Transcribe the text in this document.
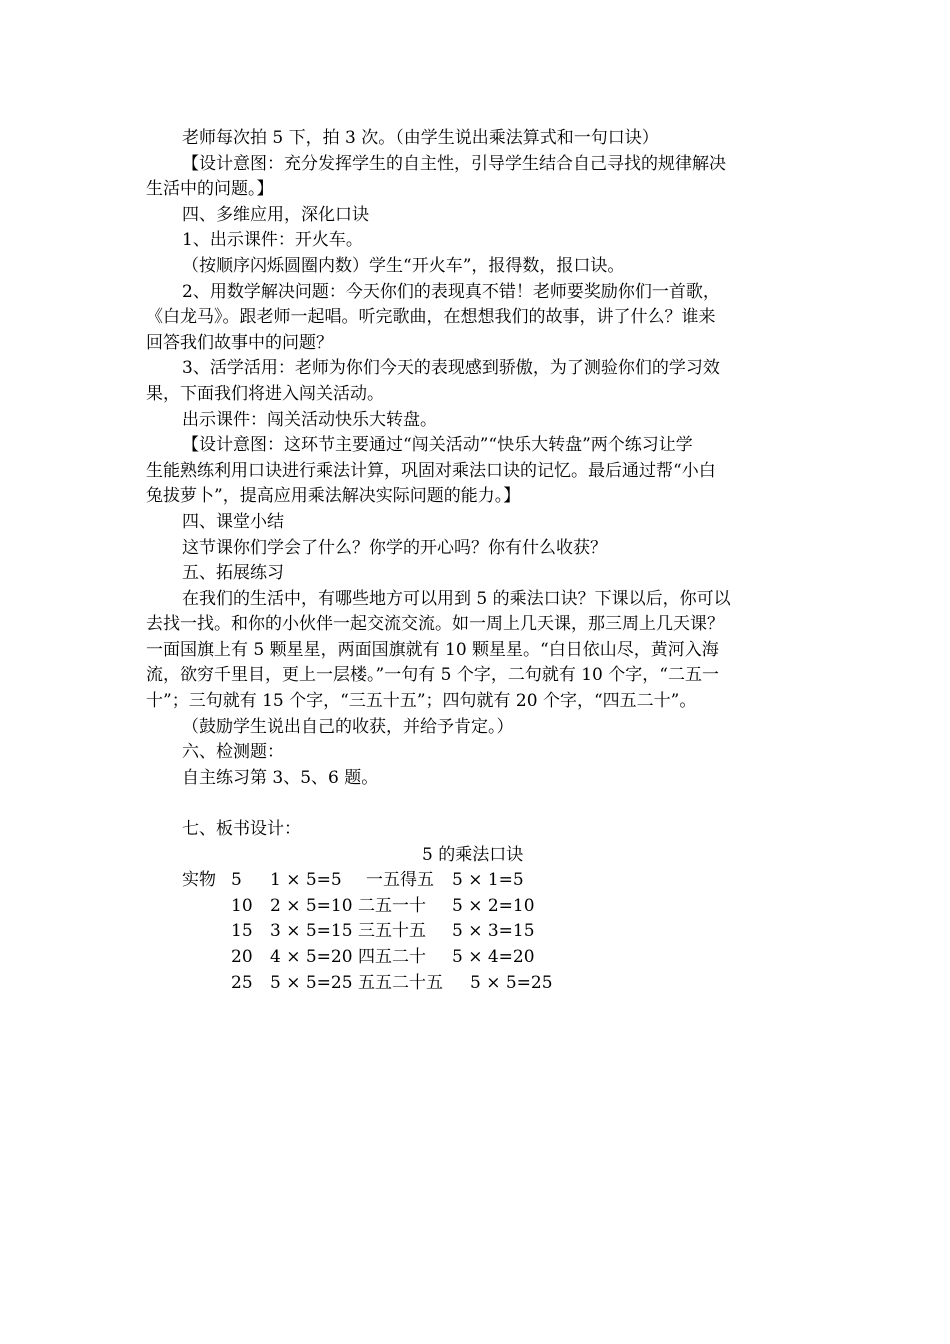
老师每次拍 5 下，拍 3 次。（由学生说出乘法算式和一句口诀）
【设计意图：充分发挥学生的自主性，引导学生结合自己寻找的规律解决
生活中的问题。】
四、多维应用，深化口诀
1、出示课件：开火车。
（按顺序闪烁圆圈内数）学生“开火车”，报得数，报口诀。
2、用数学解决问题：今天你们的表现真不错！老师要奖励你们一首歌，
《白龙马》。跟老师一起唱。听完歌曲，在想想我们的故事，讲了什么？谁来
回答我们故事中的问题？
3、活学活用：老师为你们今天的表现感到骄傲，为了测验你们的学习效
果，下面我们将进入闯关活动。
出示课件：闯关活动快乐大转盘。
【设计意图：这环节主要通过“闯关活动”“快乐大转盘”两个练习让学
生能熟练利用口诀进行乘法计算，巩固对乘法口诀的记忆。最后通过帮“小白
兔拔萝卜”，提高应用乘法解决实际问题的能力。】
四、课堂小结
这节课你们学会了什么？你学的开心吗？你有什么收获？
五、拓展练习
在我们的生活中，有哪些地方可以用到 5 的乘法口诀？下课以后，你可以
去找一找。和你的小伙伴一起交流交流。如一周上几天课，那三周上几天课？
一面国旗上有 5 颗星星，两面国旗就有 10 颗星星。“白日依山尽，黄河入海
流，欲穷千里目，更上一层楼。”一句有 5 个字，二句就有 10 个字，“二五一
十”；三句就有 15 个字，“三五十五”；四句就有 20 个字，“四五二十”。
（鼓励学生说出自己的收获，并给予肯定。）
六、检测题：
自主练习第 3、5、6 题。
七、板书设计：
5 的乘法口诀
实物 5 1 × 5=5 一五得五 5 × 1=5
10 2 × 5=10 二五一十 5 × 2=10
15 3 × 5=15 三五十五 5 × 3=15
20 4 × 5=20 四五二十 5 × 4=20
25 5 × 5=25 五五二十五 5 × 5=25
